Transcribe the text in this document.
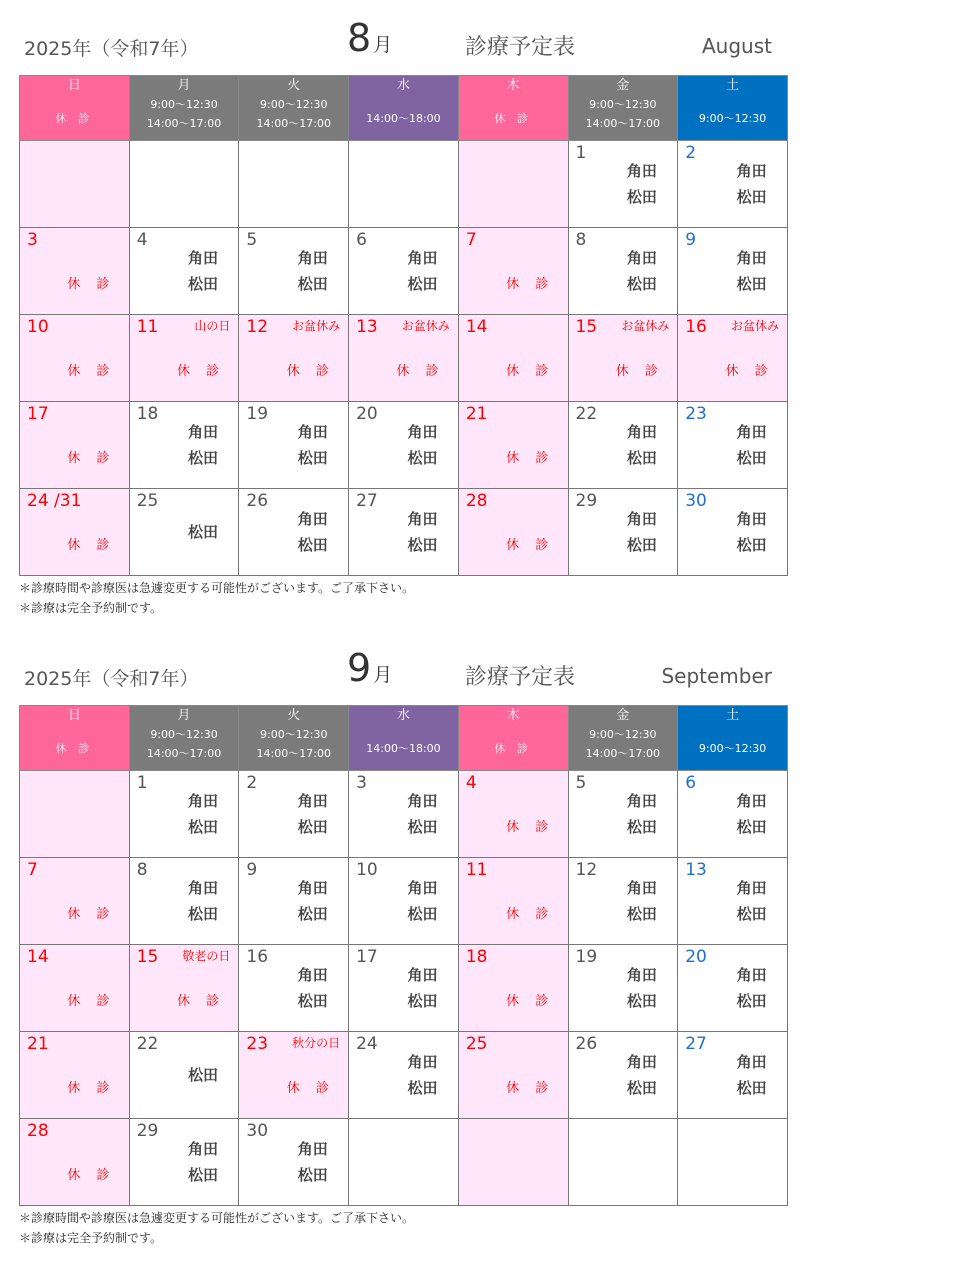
2025年（令和7年）	8 月	診療予定表	August
日
休 診	月
9:00～12:30
14:00～17:00	火
9:00～12:30
14:00～17:00	水
14:00～18:00	木
休 診	金
9:00～12:30
14:00～17:00	土
9:00～12:30

					1
角田
松田	2
角田
松田

3
休 診	4
角田
松田	5
角田
松田	6
角田
松田	7
休 診	8
角田
松田	9
角田
松田

10
休 診	11 山の日
休 診	12 お盆休み
休 診	13 お盆休み
休 診	14
休 診	15 お盆休み
休 診	16 お盆休み
休 診

17
休 診	18
角田
松田	19
角田
松田	20
角田
松田	21
休 診	22
角田
松田	23
角田
松田

24 /31
休 診	25
松田	26
角田
松田	27
角田
松田	28
休 診	29
角田
松田	30
角田
松田
＊診療時間や診療医は急遽変更する可能性がございます。ご了承下さい。
＊診療は完全予約制です。
2025年（令和7年）	9 月	診療予定表	September
日
休 診	月
9:00～12:30
14:00～17:00	火
9:00～12:30
14:00～17:00	水
14:00～18:00	木
休 診	金
9:00～12:30
14:00～17:00	土
9:00～12:30

	1
角田
松田	2
角田
松田	3
角田
松田	4
休 診	5
角田
松田	6
角田
松田

7
休 診	8
角田
松田	9
角田
松田	10
角田
松田	11
休 診	12
角田
松田	13
角田
松田

14
休 診	15 敬老の日
休 診	16
角田
松田	17
角田
松田	18
休 診	19
角田
松田	20
角田
松田

21
休 診	22
松田	23 秋分の日
休 診	24
角田
松田	25
休 診	26
角田
松田	27
角田
松田

28
休 診	29
角田
松田	30
角田
松田				

＊診療時間や診療医は急遽変更する可能性がございます。ご了承下さい。
＊診療は完全予約制です。
